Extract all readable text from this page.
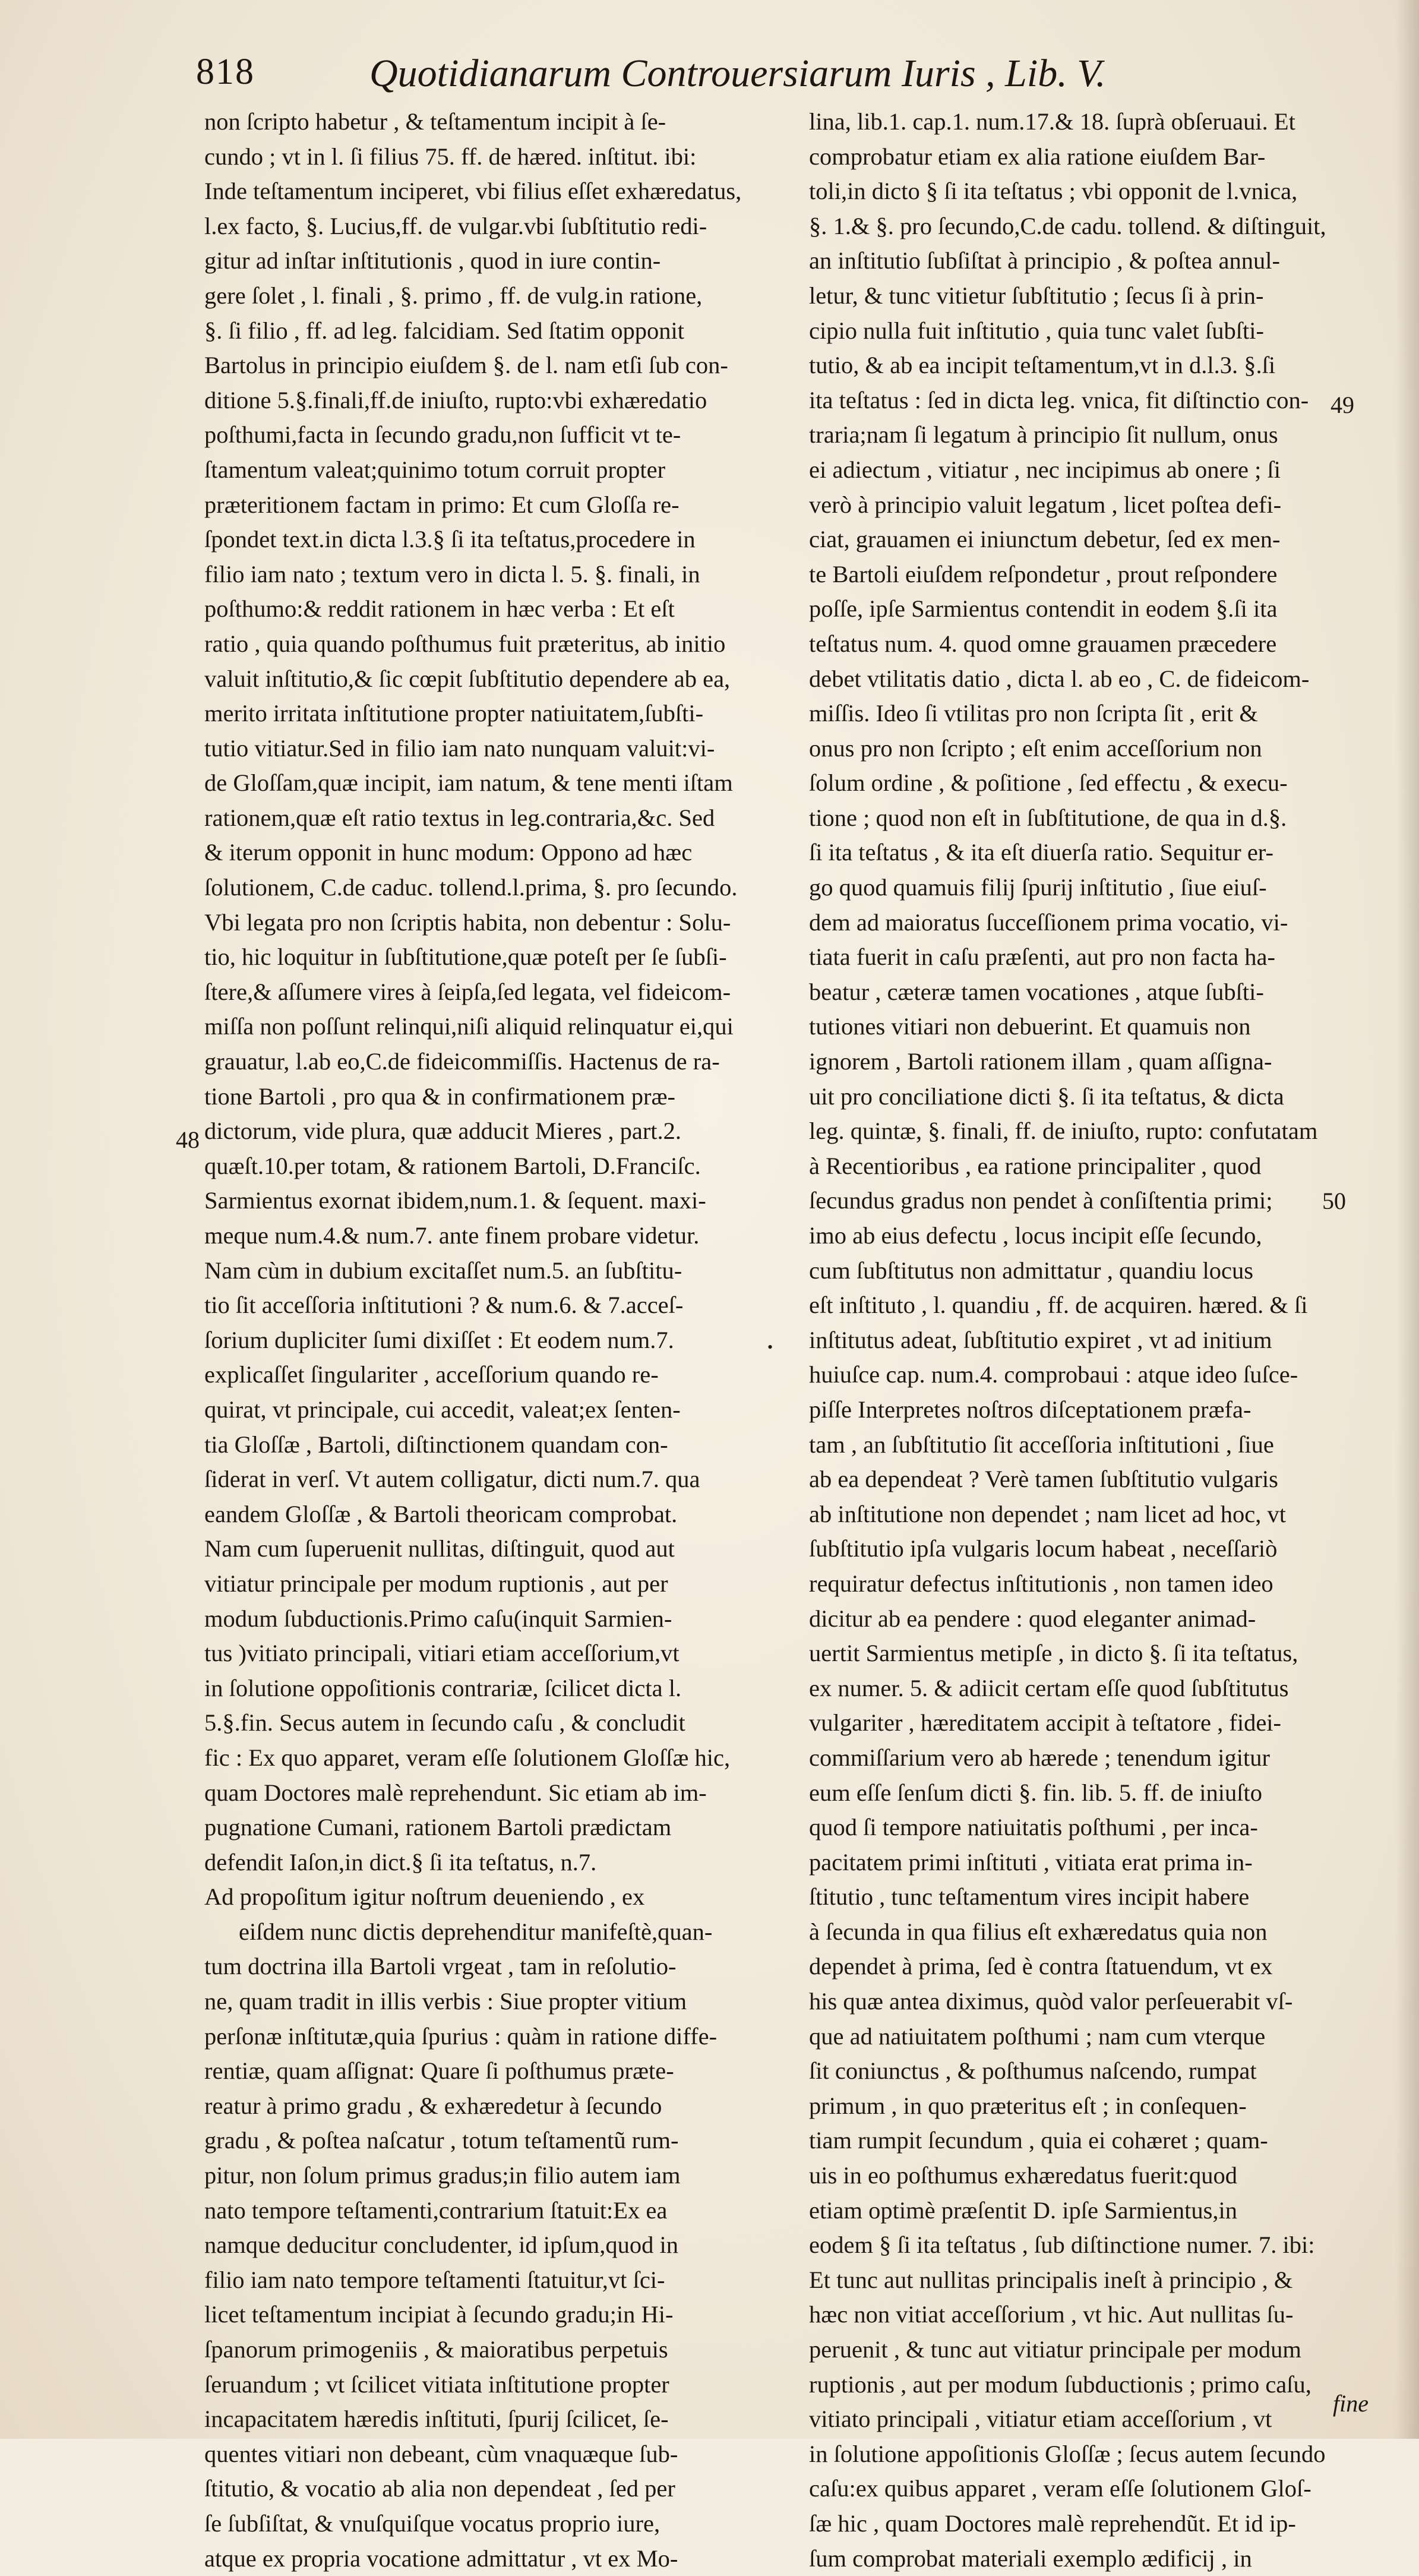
818	Quotidianarum Controuersiarum Iuris , Lib. V.
non ſcripto habetur , & teſtamentum incipit à ſe-
cundo ; vt in l. ſi filius 75. ff. de hæred. inſtitut. ibi:
Inde teſtamentum inciperet, vbi filius eſſet exhæredatus,
l.ex facto, §. Lucius,ff. de vulgar.vbi ſubſtitutio redi-
gitur ad inſtar inſtitutionis , quod in iure contin-
gere ſolet , l. finali , §. primo , ff. de vulg.in ratione,
§. ſi filio , ff. ad leg. falcidiam. Sed ſtatim opponit
Bartolus in principio eiuſdem §. de l. nam etſi ſub con-
ditione 5.§.finali,ff.de iniuſto, rupto:vbi exhæredatio
poſthumi,facta in ſecundo gradu,non ſufficit vt te-
ſtamentum valeat;quinimo totum corruit propter
præteritionem factam in primo: Et cum Gloſſa re-
ſpondet text.in dicta l.3.§ ſi ita teſtatus,procedere in
filio iam nato ; textum vero in dicta l. 5. §. finali, in
poſthumo:& reddit rationem in hæc verba : Et eſt
ratio , quia quando poſthumus fuit præteritus, ab initio
valuit inſtitutio,& ſic cœpit ſubſtitutio dependere ab ea,
merito irritata inſtitutione propter natiuitatem,ſubſti-
tutio vitiatur.Sed in filio iam nato nunquam valuit:vi-
de Gloſſam,quæ incipit, iam natum, & tene menti iſtam
rationem,quæ eſt ratio textus in leg.contraria,&c. Sed
& iterum opponit in hunc modum: Oppono ad hæc
ſolutionem, C.de caduc. tollend.l.prima, §. pro ſecundo.
Vbi legata pro non ſcriptis habita, non debentur : Solu-
tio, hic loquitur in ſubſtitutione,quæ poteſt per ſe ſubſi-
ſtere,& aſſumere vires à ſeipſa,ſed legata, vel fideicom-
miſſa non poſſunt relinqui,niſi aliquid relinquatur ei,qui
grauatur, l.ab eo,C.de fideicommiſſis. Hactenus de ra-
tione Bartoli , pro qua & in confirmationem præ-
dictorum, vide plura, quæ adducit Mieres , part.2.
quæſt.10.per totam, & rationem Bartoli, D.Franciſc.
Sarmientus exornat ibidem,num.1. & ſequent. maxi-
meque num.4.& num.7. ante finem probare videtur.
Nam cùm in dubium excitaſſet num.5. an ſubſtitu-
tio ſit acceſſoria inſtitutioni ? & num.6. & 7.acceſ-
ſorium dupliciter ſumi dixiſſet : Et eodem num.7.
explicaſſet ſingulariter , acceſſorium quando re-
quirat, vt principale, cui accedit, valeat;ex ſenten-
tia Gloſſæ , Bartoli, diſtinctionem quandam con-
ſiderat in verſ. Vt autem colligatur, dicti num.7. qua
eandem Gloſſæ , & Bartoli theoricam comprobat.
Nam cum ſuperuenit nullitas, diſtinguit, quod aut
vitiatur principale per modum ruptionis , aut per
modum ſubductionis.Primo caſu(inquit Sarmien-
tus )vitiato principali, vitiari etiam acceſſorium,vt
in ſolutione oppoſitionis contrariæ, ſcilicet dicta l.
5.§.fin. Secus autem in ſecundo caſu , & concludit
fic : Ex quo apparet, veram eſſe ſolutionem Gloſſæ hic,
quam Doctores malè reprehendunt. Sic etiam ab im-
pugnatione Cumani, rationem Bartoli prædictam
defendit Iaſon,in dict.§ ſi ita teſtatus, n.7.
Ad propoſitum igitur noſtrum deueniendo , ex
eiſdem nunc dictis deprehenditur manifeſtè,quan-
tum doctrina illa Bartoli vrgeat , tam in reſolutio-
ne, quam tradit in illis verbis : Siue propter vitium
perſonæ inſtitutæ,quia ſpurius : quàm in ratione diffe-
rentiæ, quam aſſignat: Quare ſi poſthumus præte-
reatur à primo gradu , & exhæredetur à ſecundo
gradu , & poſtea naſcatur , totum teſtamentũ rum-
pitur, non ſolum primus gradus;in filio autem iam
nato tempore teſtamenti,contrarium ſtatuit:Ex ea
namque deducitur concludenter, id ipſum,quod in
filio iam nato tempore teſtamenti ſtatuitur,vt ſci-
licet teſtamentum incipiat à ſecundo gradu;in Hi-
ſpanorum primogeniis , & maioratibus perpetuis
ſeruandum ; vt ſcilicet vitiata inſtitutione propter
incapacitatem hæredis inſtituti, ſpurij ſcilicet, ſe-
quentes vitiari non debeant, cùm vnaquæque ſub-
ſtitutio, & vocatio ab alia non dependeat , ſed per
ſe ſubſiſtat, & vnuſquiſque vocatus proprio iure,
atque ex propria vocatione admittatur , vt ex Mo-
lina, lib.1. cap.1. num.17.& 18. ſuprà obſeruaui. Et
comprobatur etiam ex alia ratione eiuſdem Bar-
toli,in dicto § ſi ita teſtatus ; vbi opponit de l.vnica,
§. 1.& §. pro ſecundo,C.de cadu. tollend. & diſtinguit,
an inſtitutio ſubſiſtat à principio , & poſtea annul-
letur, & tunc vitietur ſubſtitutio ; ſecus ſi à prin-
cipio nulla fuit inſtitutio , quia tunc valet ſubſti-
tutio, & ab ea incipit teſtamentum,vt in d.l.3. §.ſi
ita teſtatus : ſed in dicta leg. vnica, fit diſtinctio con-
traria;nam ſi legatum à principio ſit nullum, onus
ei adiectum , vitiatur , nec incipimus ab onere ; ſi
verò à principio valuit legatum , licet poſtea defi-
ciat, grauamen ei iniunctum debetur, ſed ex men-
te Bartoli eiuſdem reſpondetur , prout reſpondere
poſſe, ipſe Sarmientus contendit in eodem §.ſi ita
teſtatus num. 4. quod omne grauamen præcedere
debet vtilitatis datio , dicta l. ab eo , C. de fideicom-
miſſis. Ideo ſi vtilitas pro non ſcripta ſit , erit &
onus pro non ſcripto ; eſt enim acceſſorium non
ſolum ordine , & poſitione , ſed effectu , & execu-
tione ; quod non eſt in ſubſtitutione, de qua in d.§.
ſi ita teſtatus , & ita eſt diuerſa ratio. Sequitur er-
go quod quamuis filij ſpurij inſtitutio , ſiue eiuſ-
dem ad maioratus ſucceſſionem prima vocatio, vi-
tiata fuerit in caſu præſenti, aut pro non facta ha-
beatur , cæteræ tamen vocationes , atque ſubſti-
tutiones vitiari non debuerint. Et quamuis non
ignorem , Bartoli rationem illam , quam aſſigna-
uit pro conciliatione dicti §. ſi ita teſtatus, & dicta
leg. quintæ, §. finali, ff. de iniuſto, rupto: confutatam
à Recentioribus , ea ratione principaliter , quod
ſecundus gradus non pendet à conſiſtentia primi;
imo ab eius defectu , locus incipit eſſe ſecundo,
cum ſubſtitutus non admittatur , quandiu locus
eſt inſtituto , l. quandiu , ff. de acquiren. hæred. & ſi
inſtitutus adeat, ſubſtitutio expiret , vt ad initium
huiuſce cap. num.4. comprobaui : atque ideo ſuſce-
piſſe Interpretes noſtros diſceptationem præfa-
tam , an ſubſtitutio ſit acceſſoria inſtitutioni , ſiue
ab ea dependeat ? Verè tamen ſubſtitutio vulgaris
ab inſtitutione non dependet ; nam licet ad hoc, vt
ſubſtitutio ipſa vulgaris locum habeat , neceſſariò
requiratur defectus inſtitutionis , non tamen ideo
dicitur ab ea pendere : quod eleganter animad-
uertit Sarmientus metipſe , in dicto §. ſi ita teſtatus,
ex numer. 5. & adiicit certam eſſe quod ſubſtitutus
vulgariter , hæreditatem accipit à teſtatore , fidei-
commiſſarium vero ab hærede ; tenendum igitur
eum eſſe ſenſum dicti §. fin. lib. 5. ff. de iniuſto
quod ſi tempore natiuitatis poſthumi , per inca-
pacitatem primi inſtituti , vitiata erat prima in-
ſtitutio , tunc teſtamentum vires incipit habere
à ſecunda in qua filius eſt exhæredatus quia non
dependet à prima, ſed è contra ſtatuendum, vt ex
his quæ antea diximus, quòd valor perſeuerabit vſ-
que ad natiuitatem poſthumi ; nam cum vterque
ſit coniunctus , & poſthumus naſcendo, rumpat
primum , in quo præteritus eſt ; in conſequen-
tiam rumpit ſecundum , quia ei cohæret ; quam-
uis in eo poſthumus exhæredatus fuerit:quod
etiam optimè præſentit D. ipſe Sarmientus,in
eodem § ſi ita teſtatus , ſub diſtinctione numer. 7. ibi:
Et tunc aut nullitas principalis ineſt à principio , &
hæc non vitiat acceſſorium , vt hic. Aut nullitas ſu-
peruenit , & tunc aut vitiatur principale per modum
ruptionis , aut per modum ſubductionis ; primo caſu,
vitiato principali , vitiatur etiam acceſſorium , vt
in ſolutione appoſitionis Gloſſæ ; ſecus autem ſecundo
caſu:ex quibus apparet , veram eſſe ſolutionem Gloſ-
ſæ hic , quam Doctores malè reprehendũt. Et id ip-
ſum comprobat materiali exemplo ædificij , in
48
49
50
•
fine
